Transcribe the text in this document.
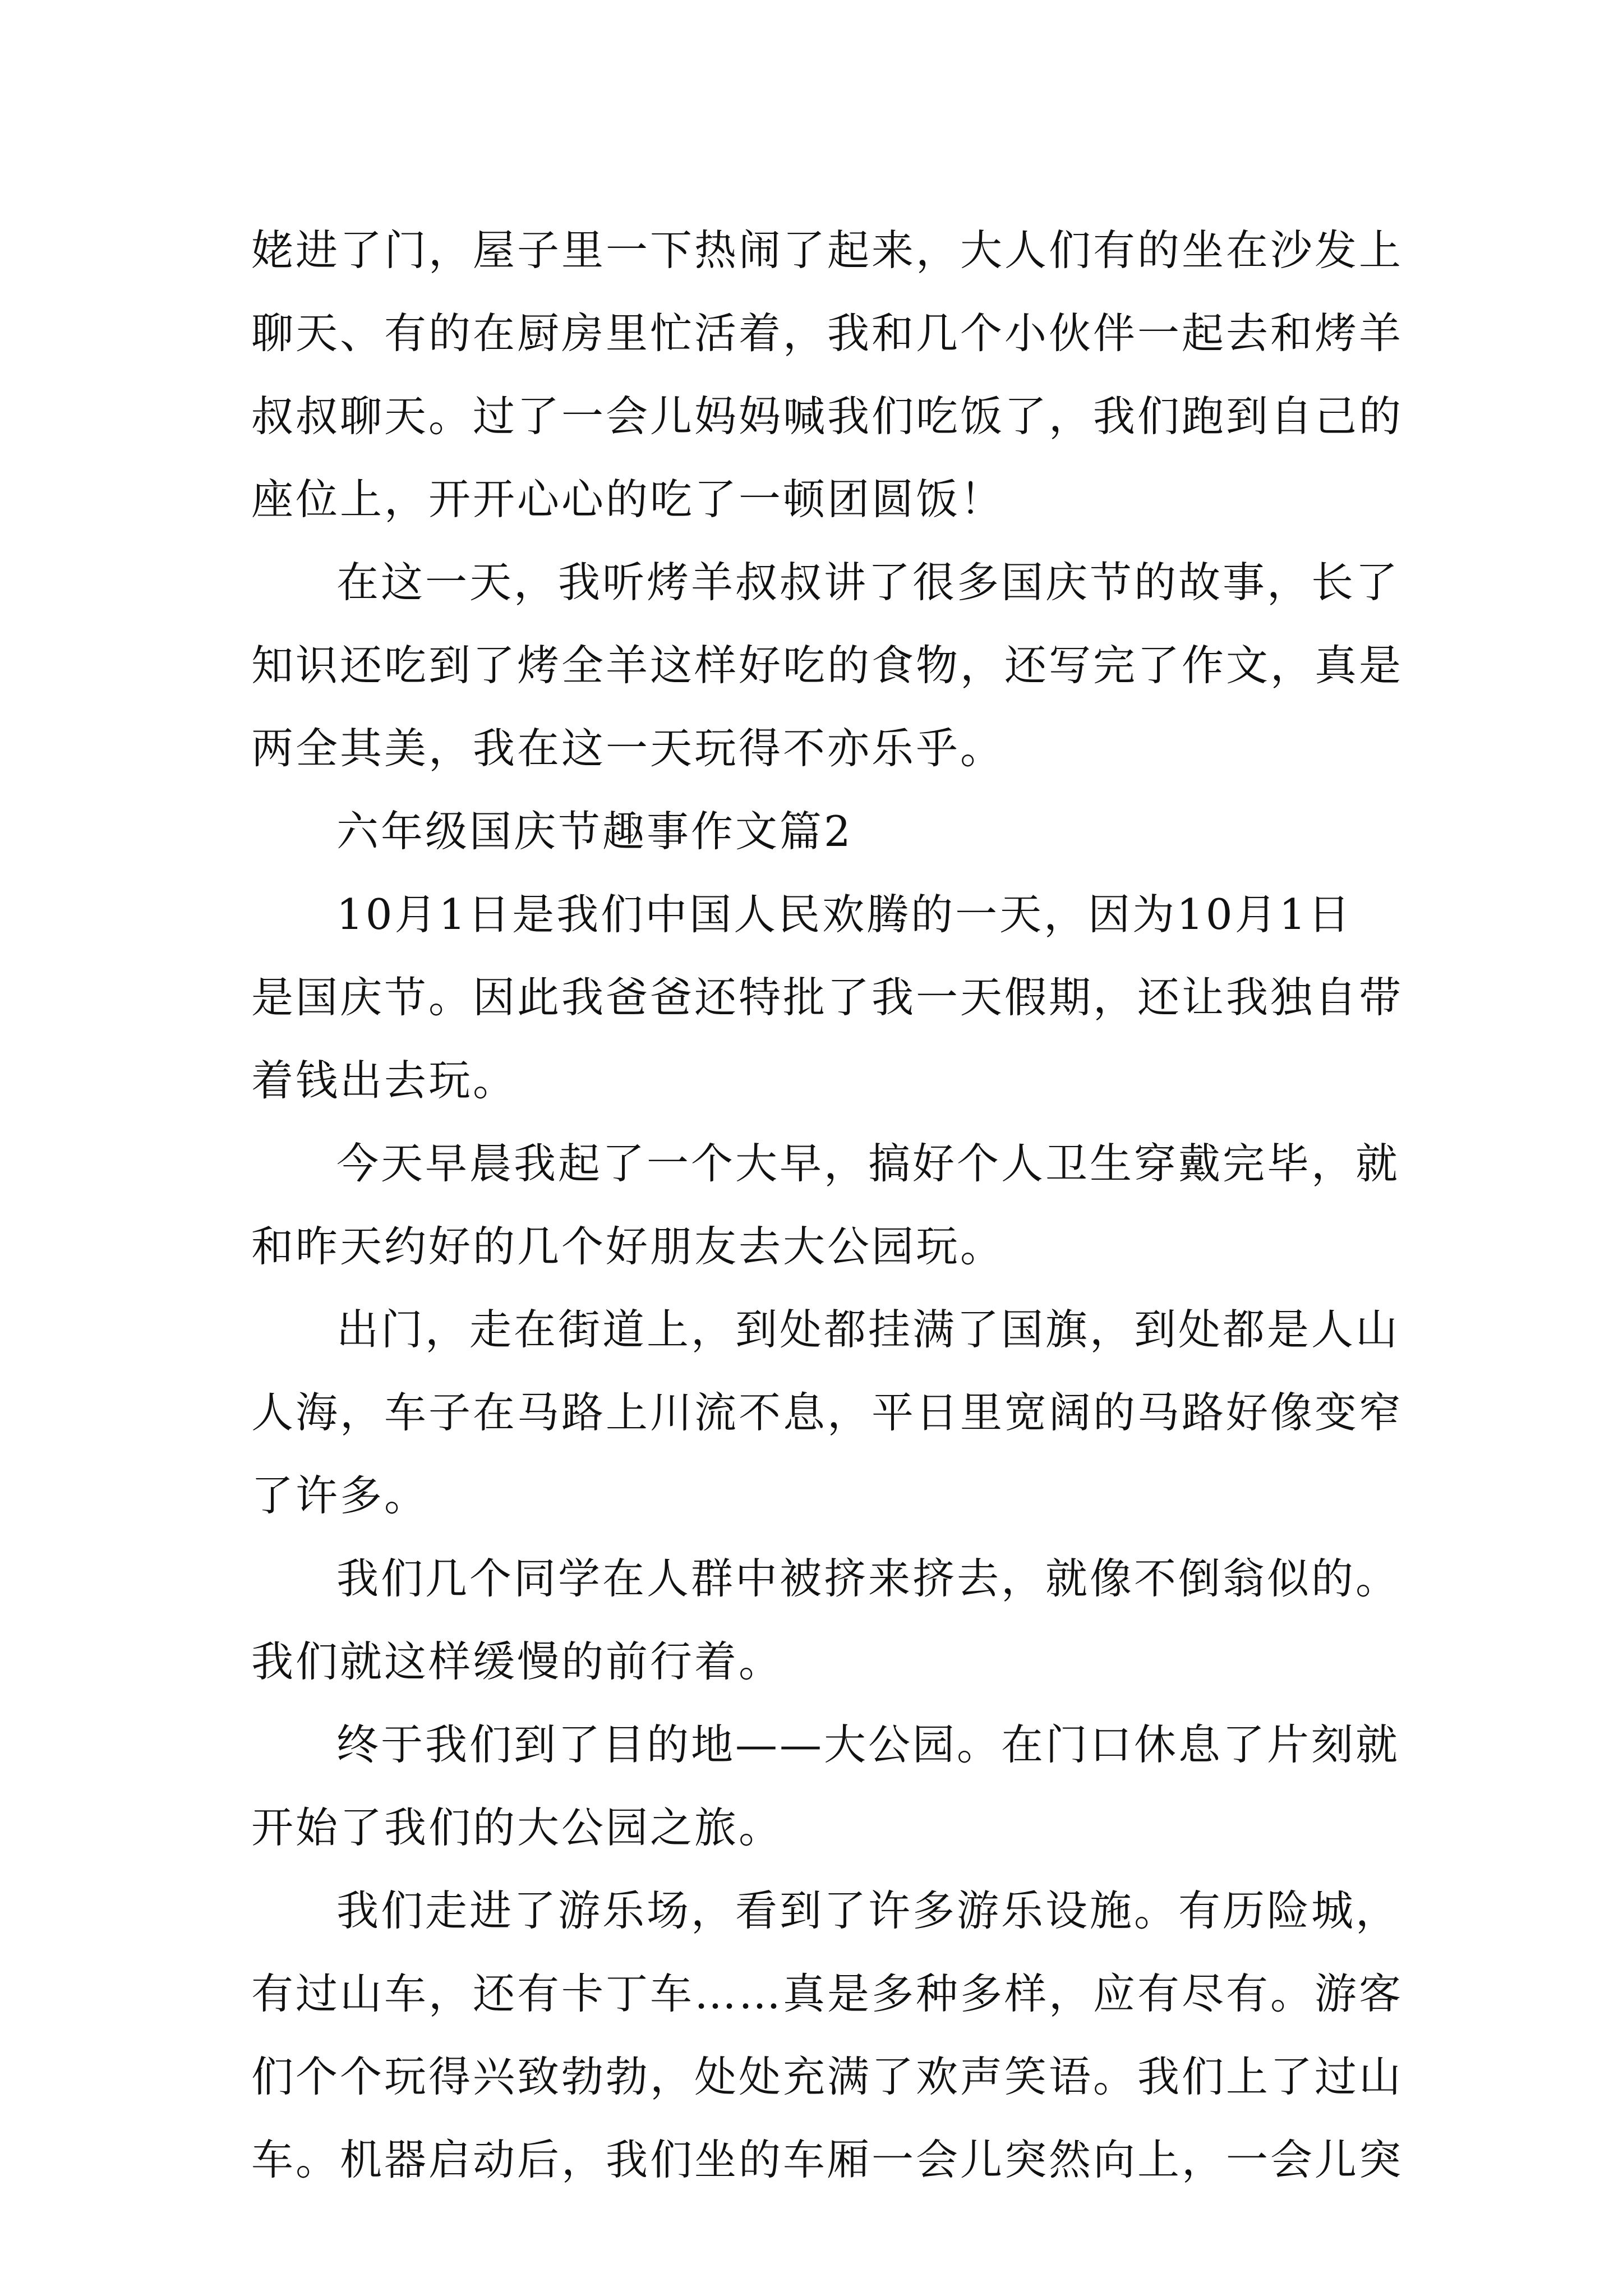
姥进了门，屋子里一下热闹了起来，大人们有的坐在沙发上
聊天、有的在厨房里忙活着，我和几个小伙伴一起去和烤羊
叔叔聊天。过了一会儿妈妈喊我们吃饭了，我们跑到自己的
座位上，开开心心的吃了一顿团圆饭！
在这一天，我听烤羊叔叔讲了很多国庆节的故事，长了
知识还吃到了烤全羊这样好吃的食物，还写完了作文，真是
两全其美，我在这一天玩得不亦乐乎。
六年级国庆节趣事作文篇2
10月1日是我们中国人民欢腾的一天，因为10月1日
是国庆节。因此我爸爸还特批了我一天假期，还让我独自带
着钱出去玩。
今天早晨我起了一个大早，搞好个人卫生穿戴完毕，就
和昨天约好的几个好朋友去大公园玩。
出门，走在街道上，到处都挂满了国旗，到处都是人山
人海，车子在马路上川流不息，平日里宽阔的马路好像变窄
了许多。
我们几个同学在人群中被挤来挤去，就像不倒翁似的。
我们就这样缓慢的前行着。
终于我们到了目的地——大公园。在门口休息了片刻就
开始了我们的大公园之旅。
我们走进了游乐场，看到了许多游乐设施。有历险城，
有过山车，还有卡丁车……真是多种多样，应有尽有。游客
们个个玩得兴致勃勃，处处充满了欢声笑语。我们上了过山
车。机器启动后，我们坐的车厢一会儿突然向上，一会儿突
